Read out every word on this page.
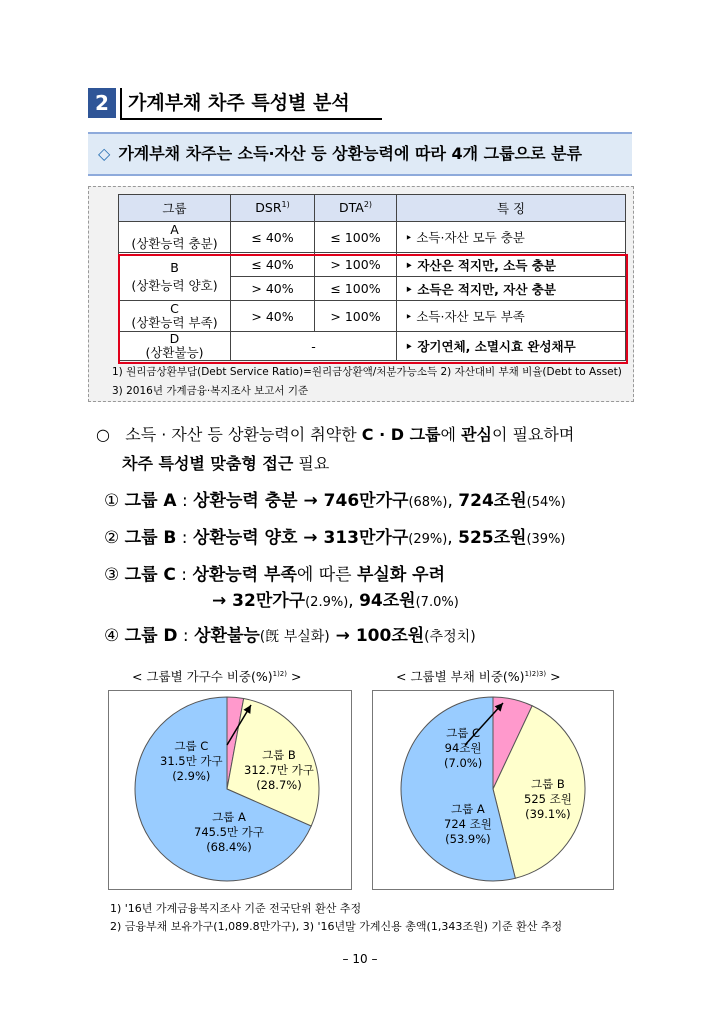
2	가계부채 차주 특성별 분석
◇ 가계부채 차주는 소득·자산 등 상환능력에 따라 4개 그룹으로 분류
그룹	DSR$^{1)}$	DTA$^{2)}$	특 징
A
(상환능력 충분)	≤ 40%	≤ 100%	‣ 소득·자산 모두 충분
B
(상환능력 양호)	≤ 40%	> 100%	‣ 자산은 적지만, 소득 충분
	> 40%	≤ 100%	‣ 소득은 적지만, 자산 충분
C
(상환능력 부족)	> 40%	> 100%	‣ 소득·자산 모두 부족
D
(상환불능)	-		‣ 장기연체, 소멸시효 완성채무
1) 원리금상환부담(Debt Service Ratio)=원리금상환액/처분가능소득 2) 자산대비 부채 비율(Debt to Asset)
3) 2016년 가계금융·복지조사 보고서 기준
○ 소득 · 자산 등 상환능력이 취약한 C · D 그룹에 관심이 필요하며
차주 특성별 맞춤형 접근 필요
① 그룹 A : 상환능력 충분 → 746만가구(68%), 724조원(54%)
② 그룹 B : 상환능력 양호 → 313만가구(29%), 525조원(39%)
③ 그룹 C : 상환능력 부족에 따른 부실화 우려
→ 32만가구(2.9%), 94조원(7.0%)
④ 그룹 D : 상환불능(旣 부실화) → 100조원(추정치)
< 그룹별 가구수 비중(%)$^{1)2)}$ >	< 그룹별 부채 비중(%)$^{1)2)3)}$ >
그룹 C
31.5만 가구
(2.9%)
그룹 B
312.7만 가구
(28.7%)
그룹 A
745.5만 가구
(68.4%)
그룹 C
94조원
(7.0%)
그룹 B
525 조원
(39.1%)
그룹 A
724 조원
(53.9%)
1) '16년 가계금융복지조사 기준 전국단위 환산 추정
2) 금융부채 보유가구(1,089.8만가구), 3) '16년말 가계신용 총액(1,343조원) 기준 환산 추정
– 10 –
